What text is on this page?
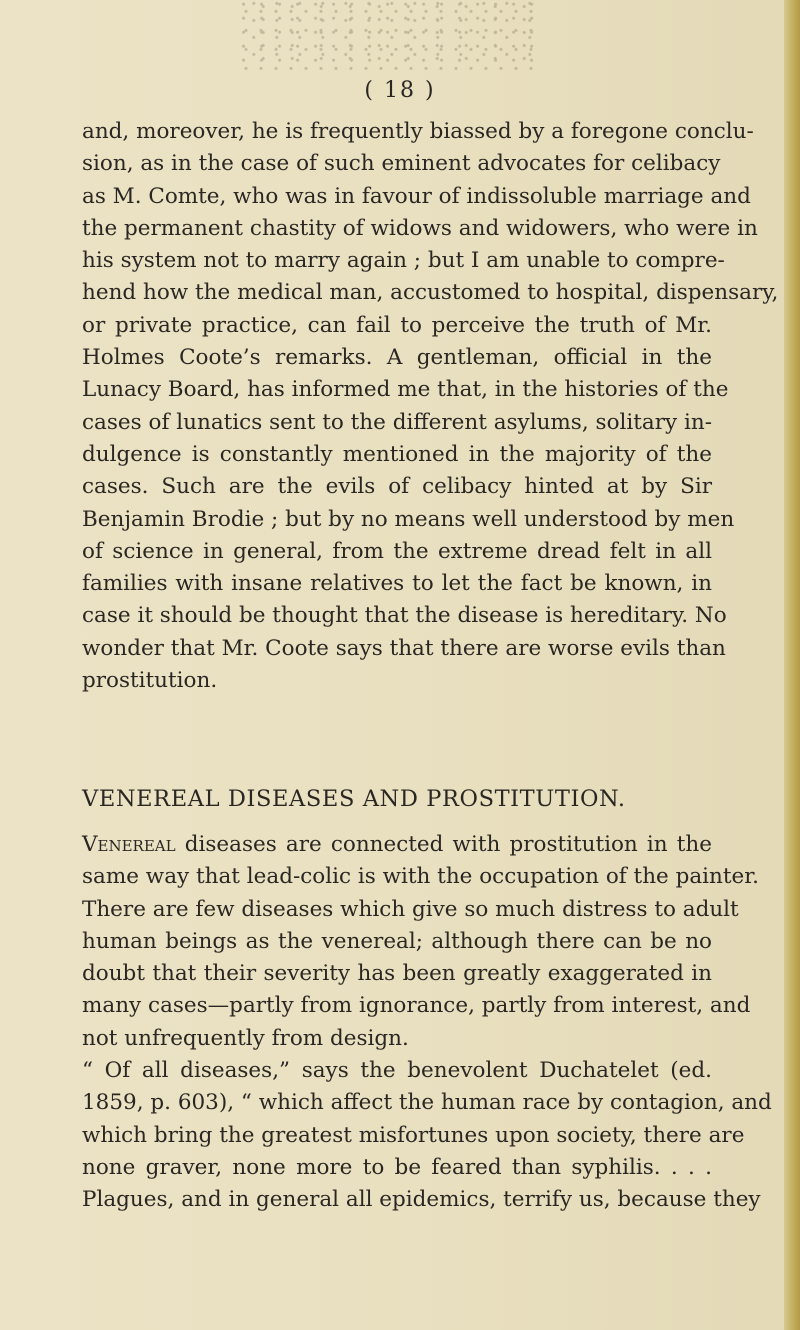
( 18 )
and, moreover, he is frequently biassed by a foregone conclu-
sion, as in the case of such eminent advocates for celibacy
as M. Comte, who was in favour of indissoluble marriage and
the permanent chastity of widows and widowers, who were in
his system not to marry again ; but I am unable to compre-
hend how the medical man, accustomed to hospital, dispensary,
or private practice, can fail to perceive the truth of Mr.
Holmes Coote’s remarks. A gentleman, official in the
Lunacy Board, has informed me that, in the histories of the
cases of lunatics sent to the different asylums, solitary in-
dulgence is constantly mentioned in the majority of the
cases. Such are the evils of celibacy hinted at by Sir
Benjamin Brodie ; but by no means well understood by men
of science in general, from the extreme dread felt in all
families with insane relatives to let the fact be known, in
case it should be thought that the disease is hereditary. No
wonder that Mr. Coote says that there are worse evils than
prostitution.
VENEREAL DISEASES AND PROSTITUTION.
Venereal diseases are connected with prostitution in the
same way that lead-colic is with the occupation of the painter.
There are few diseases which give so much distress to adult
human beings as the venereal; although there can be no
doubt that their severity has been greatly exaggerated in
many cases—partly from ignorance, partly from interest, and
not unfrequently from design.
“ Of all diseases,” says the benevolent Duchatelet (ed.
1859, p. 603), “ which affect the human race by contagion, and
which bring the greatest misfortunes upon society, there are
none graver, none more to be feared than syphilis. . . .
Plagues, and in general all epidemics, terrify us, because they
